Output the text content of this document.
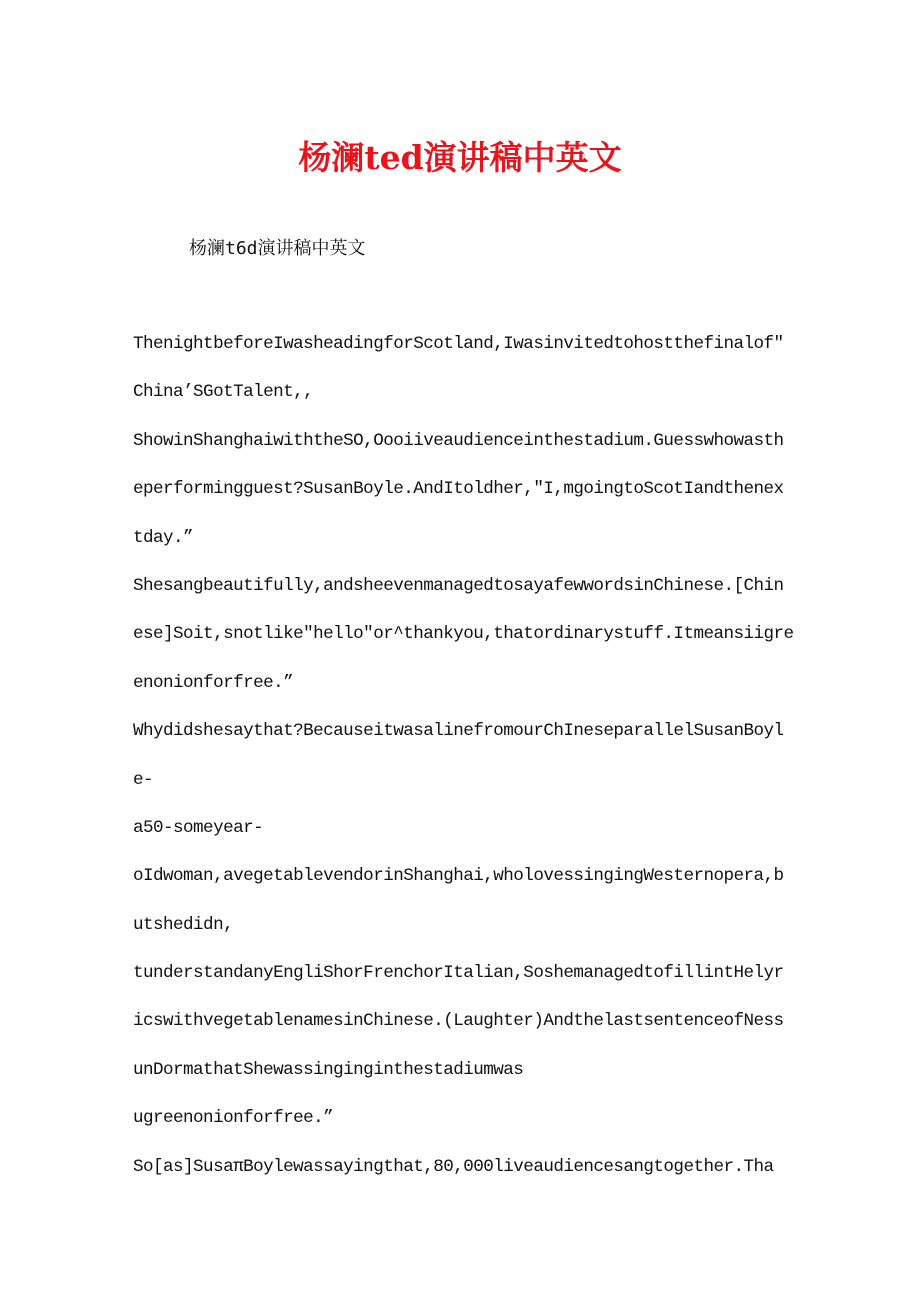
杨澜ted演讲稿中英文

杨澜t6d演讲稿中英文

ThenightbeforeIwasheadingforScotland,Iwasinvitedtohostthefinalof″
China’SGotTalent,,
ShowinShanghaiwiththeSO,Oooiiveaudienceinthestadium.Guesswhowasth
eperformingguest?SusanBoyle.AndItoldher,″I,mgoingtoScotIandthenex
tday.”
Shesangbeautifully,andsheevenmanagedtosayafewwordsinChinese.[Chin
ese]Soit,snotlike″hello″or^thankyou,thatordinarystuff.Itmeansiigre
enonionforfree.”
Whydidshesaythat?BecauseitwasalinefromourChIneseparallelSusanBoyl
e-
a50-someyear-
oIdwoman,avegetablevendorinShanghai,wholovessingingWesternopera,b
utshedidn,
tunderstandanyEngliShorFrenchorItalian,SoshemanagedtofillintHelyr
icswithvegetablenamesinChinese.(Laughter)AndthelastsentenceofNess
unDormathatShewassinginginthestadiumwas
ugreenonionforfree.”
So[as]SusaπBoylewassayingthat,80,000liveaudiencesangtogether.Tha
